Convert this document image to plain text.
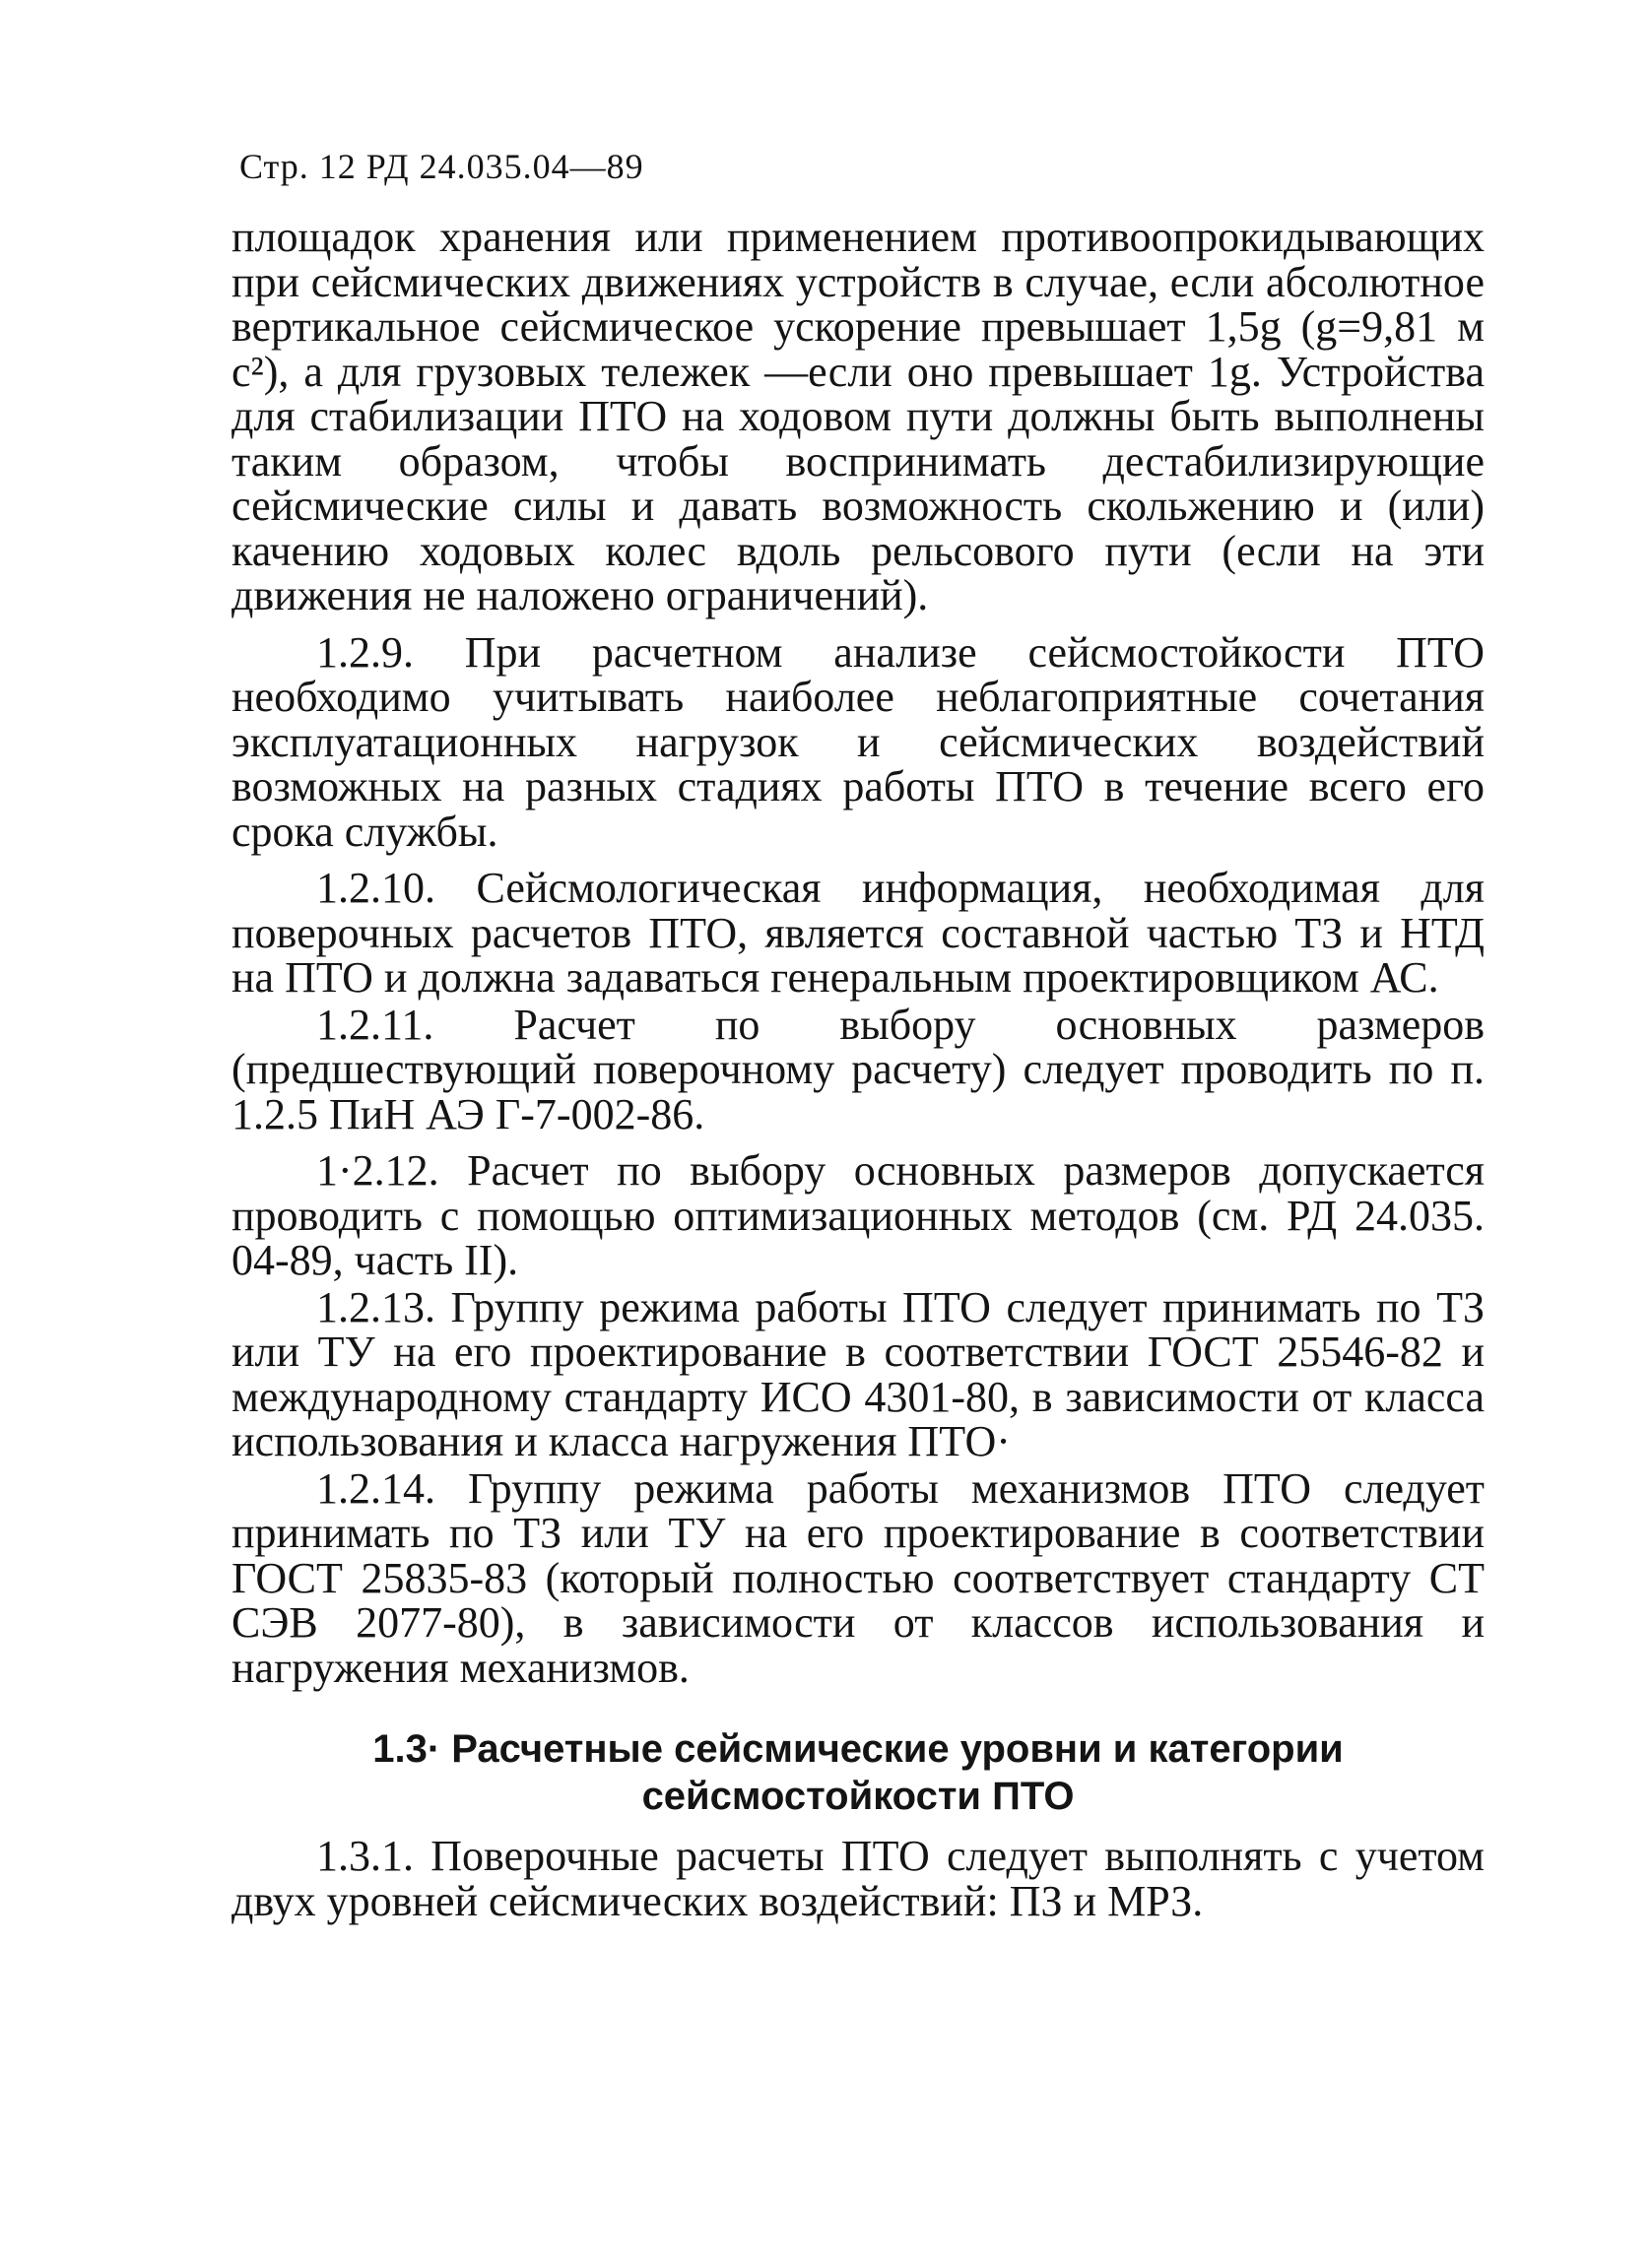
Стр. 12 РД 24.035.04—89

площадок хранения или применением противоопрокидывающих при сейсмических движениях устройств в случае, если абсолютное вертикальное сейсмическое ускорение превышает 1,5g (g=9,81 м с²), а для грузовых тележек —если оно превышает 1g. Устройства для стабилизации ПТО на ходовом пути должны быть выполнены таким образом, чтобы воспринимать дестабилизирующие сейсмические силы и давать возможность скольжению и (или) качению ходовых колес вдоль рельсового пути (если на эти движения не наложено ограничений).

1.2.9. При расчетном анализе сейсмостойкости ПТО необходимо учитывать наиболее неблагоприятные сочетания эксплуатационных нагрузок и сейсмических воздействий возможных на разных стадиях работы ПТО в течение всего его срока службы.

1.2.10. Сейсмологическая информация, необходимая для поверочных расчетов ПТО, является составной частью ТЗ и НТД на ПТО и должна задаваться генеральным проектировщиком АС.

1.2.11. Расчет по выбору основных размеров (предшествующий поверочному расчету) следует проводить по п. 1.2.5 ПиН АЭ Г-7-002-86.

1·2.12. Расчет по выбору основных размеров допускается проводить с помощью оптимизационных методов (см. РД 24.035. 04-89, часть II).

1.2.13. Группу режима работы ПТО следует принимать по ТЗ или ТУ на его проектирование в соответствии ГОСТ 25546-82 и международному стандарту ИСО 4301-80, в зависимости от класса использования и класса нагружения ПТО·

1.2.14. Группу режима работы механизмов ПТО следует принимать по ТЗ или ТУ на его проектирование в соответствии ГОСТ 25835-83 (который полностью соответствует стандарту СТ СЭВ 2077-80), в зависимости от классов использования и нагружения механизмов.

1.3· Расчетные сейсмические уровни и категории
сейсмостойкости ПТО

1.3.1. Поверочные расчеты ПТО следует выполнять с учетом двух уровней сейсмических воздействий: ПЗ и МРЗ.
